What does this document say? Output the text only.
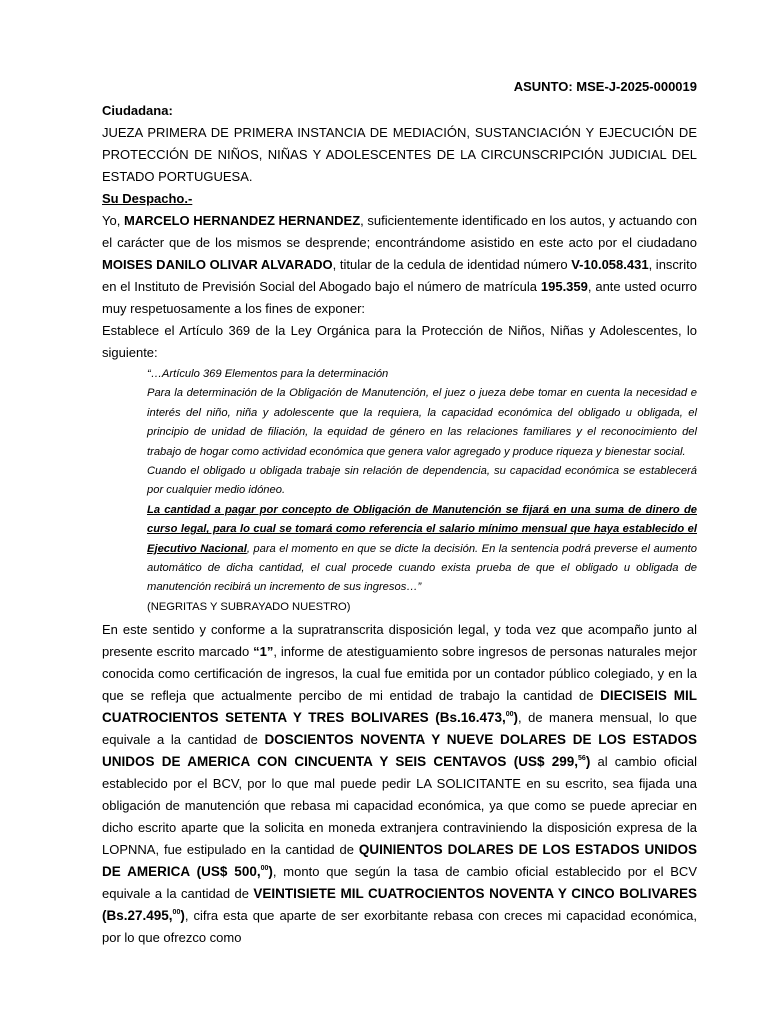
ASUNTO: MSE-J-2025-000019

Ciudadana:

JUEZA PRIMERA DE PRIMERA INSTANCIA DE MEDIACIÓN, SUSTANCIACIÓN Y EJECUCIÓN DE PROTECCIÓN DE NIÑOS, NIÑAS Y ADOLESCENTES DE LA CIRCUNSCRIPCIÓN JUDICIAL DEL ESTADO PORTUGUESA.

Su Despacho.-

Yo, MARCELO HERNANDEZ HERNANDEZ, suficientemente identificado en los autos, y actuando con el carácter que de los mismos se desprende; encontrándome asistido en este acto por el ciudadano MOISES DANILO OLIVAR ALVARADO, titular de la cedula de identidad número V-10.058.431, inscrito en el Instituto de Previsión Social del Abogado bajo el número de matrícula 195.359, ante usted ocurro muy respetuosamente a los fines de exponer:

Establece el Artículo 369 de la Ley Orgánica para la Protección de Niños, Niñas y Adolescentes, lo siguiente:

“…Artículo 369 Elementos para la determinación

Para la determinación de la Obligación de Manutención, el juez o jueza debe tomar en cuenta la necesidad e interés del niño, niña y adolescente que la requiera, la capacidad económica del obligado u obligada, el principio de unidad de filiación, la equidad de género en las relaciones familiares y el reconocimiento del trabajo de hogar como actividad económica que genera valor agregado y produce riqueza y bienestar social.

Cuando el obligado u obligada trabaje sin relación de dependencia, su capacidad económica se establecerá por cualquier medio idóneo.

La cantidad a pagar por concepto de Obligación de Manutención se fijará en una suma de dinero de curso legal, para lo cual se tomará como referencia el salario mínimo mensual que haya establecido el Ejecutivo Nacional, para el momento en que se dicte la decisión. En la sentencia podrá preverse el aumento automático de dicha cantidad, el cual procede cuando exista prueba de que el obligado u obligada de manutención recibirá un incremento de sus ingresos…”

(NEGRITAS Y SUBRAYADO NUESTRO)

En este sentido y conforme a la supratranscrita disposición legal, y toda vez que acompaño junto al presente escrito marcado “1”, informe de atestiguamiento sobre ingresos de personas naturales mejor conocida como certificación de ingresos, la cual fue emitida por un contador público colegiado, y en la que se refleja que actualmente percibo de mi entidad de trabajo la cantidad de DIECISEIS MIL CUATROCIENTOS SETENTA Y TRES BOLIVARES (Bs.16.473,00), de manera mensual, lo que equivale a la cantidad de DOSCIENTOS NOVENTA Y NUEVE DOLARES DE LOS ESTADOS UNIDOS DE AMERICA CON CINCUENTA Y SEIS CENTAVOS (US$ 299,56) al cambio oficial establecido por el BCV, por lo que mal puede pedir LA SOLICITANTE en su escrito, sea fijada una obligación de manutención que rebasa mi capacidad económica, ya que como se puede apreciar en dicho escrito aparte que la solicita en moneda extranjera contraviniendo la disposición expresa de la LOPNNA, fue estipulado en la cantidad de QUINIENTOS DOLARES DE LOS ESTADOS UNIDOS DE AMERICA (US$ 500,00), monto que según la tasa de cambio oficial establecido por el BCV equivale a la cantidad de VEINTISIETE MIL CUATROCIENTOS NOVENTA Y CINCO BOLIVARES (Bs.27.495,00), cifra esta que aparte de ser exorbitante rebasa con creces mi capacidad económica, por lo que ofrezco como
